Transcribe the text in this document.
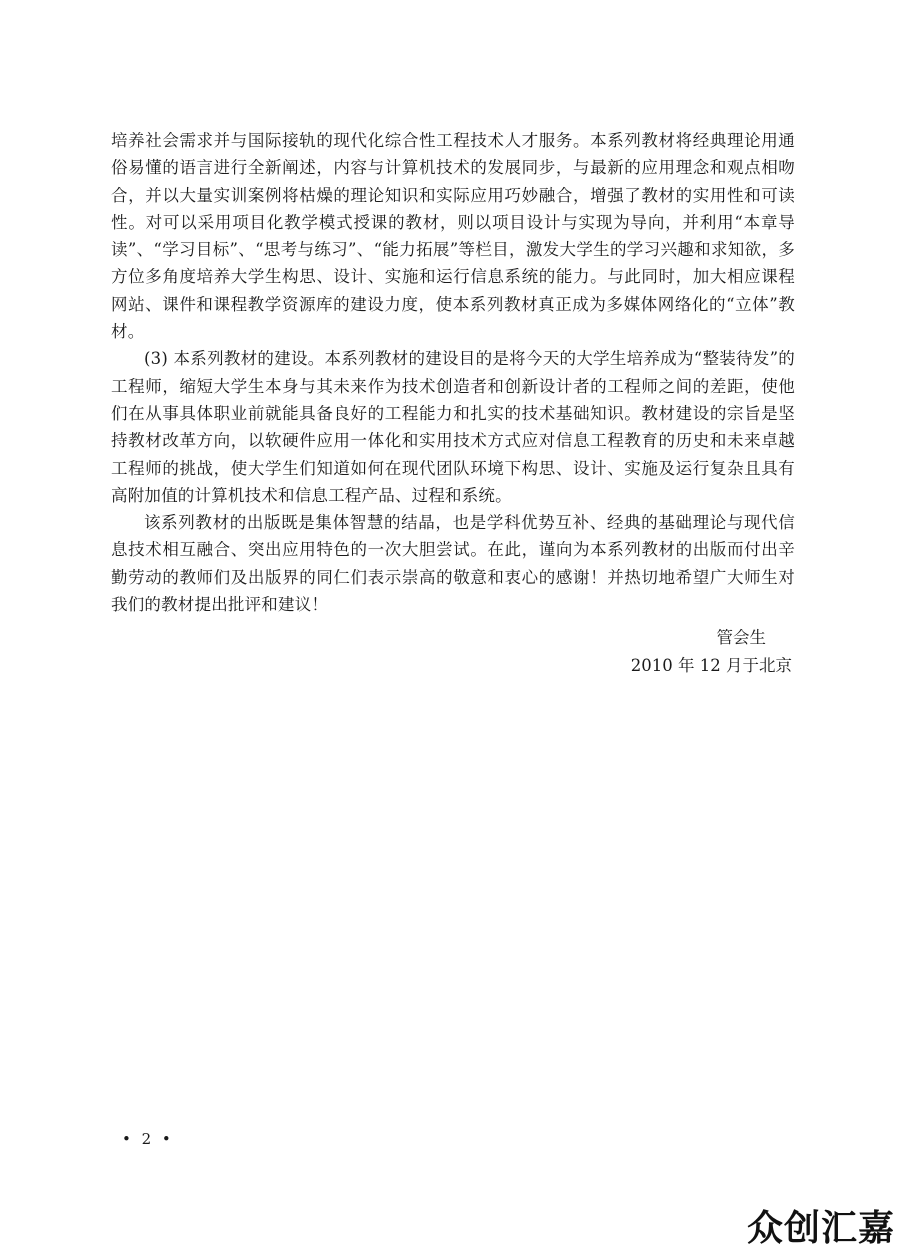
培养社会需求并与国际接轨的现代化综合性工程技术人才服务。本系列教材将经典理论用通俗易懂的语言进行全新阐述，内容与计算机技术的发展同步，与最新的应用理念和观点相吻合，并以大量实训案例将枯燥的理论知识和实际应用巧妙融合，增强了教材的实用性和可读性。对可以采用项目化教学模式授课的教材，则以项目设计与实现为导向，并利用“本章导读”、“学习目标”、“思考与练习”、“能力拓展”等栏目，激发大学生的学习兴趣和求知欲，多方位多角度培养大学生构思、设计、实施和运行信息系统的能力。与此同时，加大相应课程网站、课件和课程教学资源库的建设力度，使本系列教材真正成为多媒体网络化的“立体”教材。

(3) 本系列教材的建设。本系列教材的建设目的是将今天的大学生培养成为“整装待发”的工程师，缩短大学生本身与其未来作为技术创造者和创新设计者的工程师之间的差距，使他们在从事具体职业前就能具备良好的工程能力和扎实的技术基础知识。教材建设的宗旨是坚持教材改革方向，以软硬件应用一体化和实用技术方式应对信息工程教育的历史和未来卓越工程师的挑战，使大学生们知道如何在现代团队环境下构思、设计、实施及运行复杂且具有高附加值的计算机技术和信息工程产品、过程和系统。

该系列教材的出版既是集体智慧的结晶，也是学科优势互补、经典的基础理论与现代信息技术相互融合、突出应用特色的一次大胆尝试。在此，谨向为本系列教材的出版而付出辛勤劳动的教师们及出版界的同仁们表示崇高的敬意和衷心的感谢！并热切地希望广大师生对我们的教材提出批评和建议！

管会生
2010 年 12 月于北京
• 2 •
众创汇嘉
